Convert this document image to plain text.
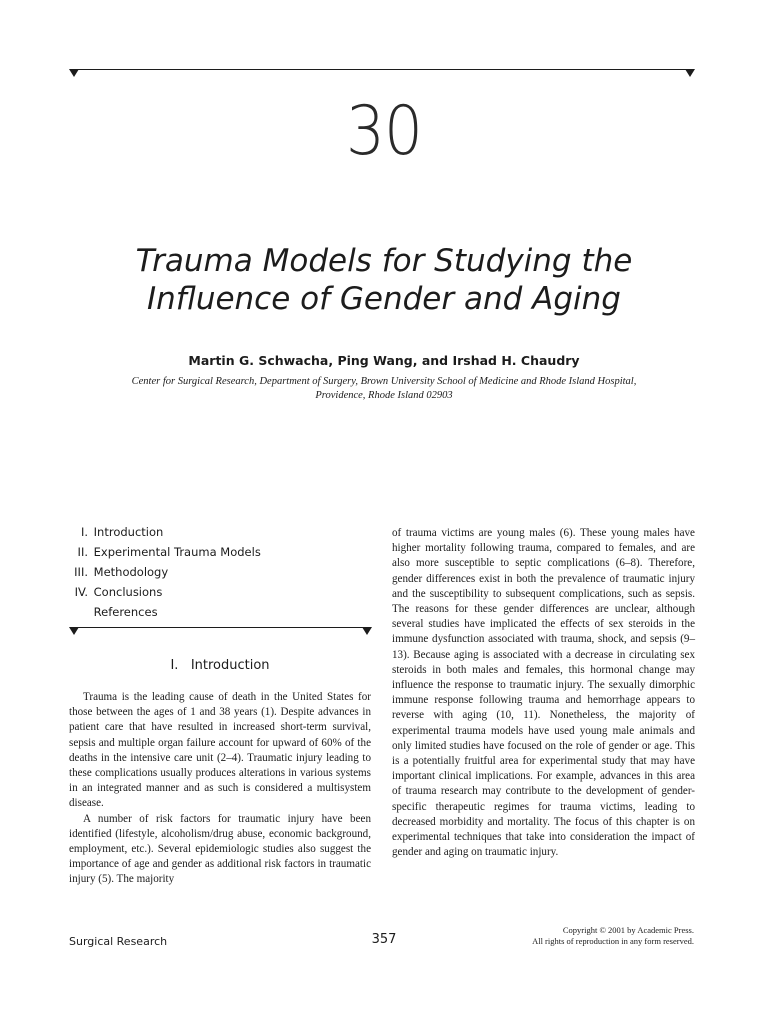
30
Trauma Models for Studying the
Influence of Gender and Aging
Martin G. Schwacha, Ping Wang, and Irshad H. Chaudry
Center for Surgical Research, Department of Surgery, Brown University School of Medicine and Rhode Island Hospital,
Providence, Rhode Island 02903
I. Introduction
II. Experimental Trauma Models
III. Methodology
IV. Conclusions
References
I.   Introduction

Trauma is the leading cause of death in the United States for those between the ages of 1 and 38 years (1). Despite advances in patient care that have resulted in increased short-term survival, sepsis and multiple organ failure account for upward of 60% of the deaths in the intensive care unit (2–4). Traumatic injury leading to these complications usually produces alterations in various systems in an integrated manner and as such is considered a multisystem disease.

A number of risk factors for traumatic injury have been identified (lifestyle, alcoholism/drug abuse, economic background, employment, etc.). Several epidemiologic studies also suggest the importance of age and gender as additional risk factors in traumatic injury (5). The majority

of trauma victims are young males (6). These young males have higher mortality following trauma, compared to females, and are also more susceptible to septic complications (6–8). Therefore, gender differences exist in both the prevalence of traumatic injury and the susceptibility to subsequent complications, such as sepsis. The reasons for these gender differences are unclear, although several studies have implicated the effects of sex steroids in the immune dysfunction associated with trauma, shock, and sepsis (9–13). Because aging is associated with a decrease in circulating sex steroids in both males and females, this hormonal change may influence the response to traumatic injury. The sexually dimorphic immune response following trauma and hemorrhage appears to reverse with aging (10, 11). Nonetheless, the majority of experimental trauma models have used young male animals and only limited studies have focused on the role of gender or age. This is a potentially fruitful area for experimental study that may have important clinical implications. For example, advances in this area of trauma research may contribute to the development of gender-specific therapeutic regimes for trauma victims, leading to decreased morbidity and mortality. The focus of this chapter is on experimental techniques that take into consideration the impact of gender and aging on traumatic injury.

Surgical Research	357
Copyright © 2001 by Academic Press.
All rights of reproduction in any form reserved.
